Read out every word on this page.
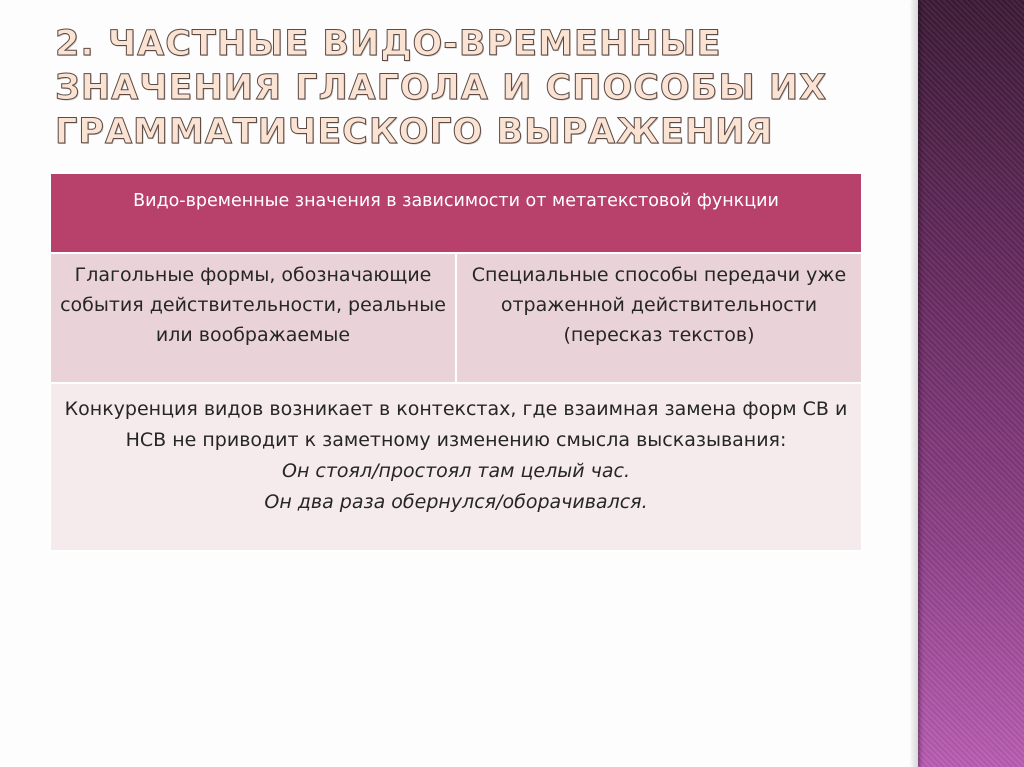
2. ЧАСТНЫЕ ВИДО-ВРЕМЕННЫЕ ЗНАЧЕНИЯ ГЛАГОЛА И СПОСОБЫ ИХ ГРАММАТИЧЕСКОГО ВЫРАЖЕНИЯ
Видо-временные значения в зависимости от метатекстовой функции
Глагольные формы, обозначающие события действительности, реальные или воображаемые	Специальные способы передачи уже отраженной действительности (пересказ текстов)
Конкуренция видов возникает в контекстах, где взаимная замена форм СВ и НСВ не приводит к заметному изменению смысла высказывания:
Он стоял/простоял там целый час.
Он два раза обернулся/оборачивался.
